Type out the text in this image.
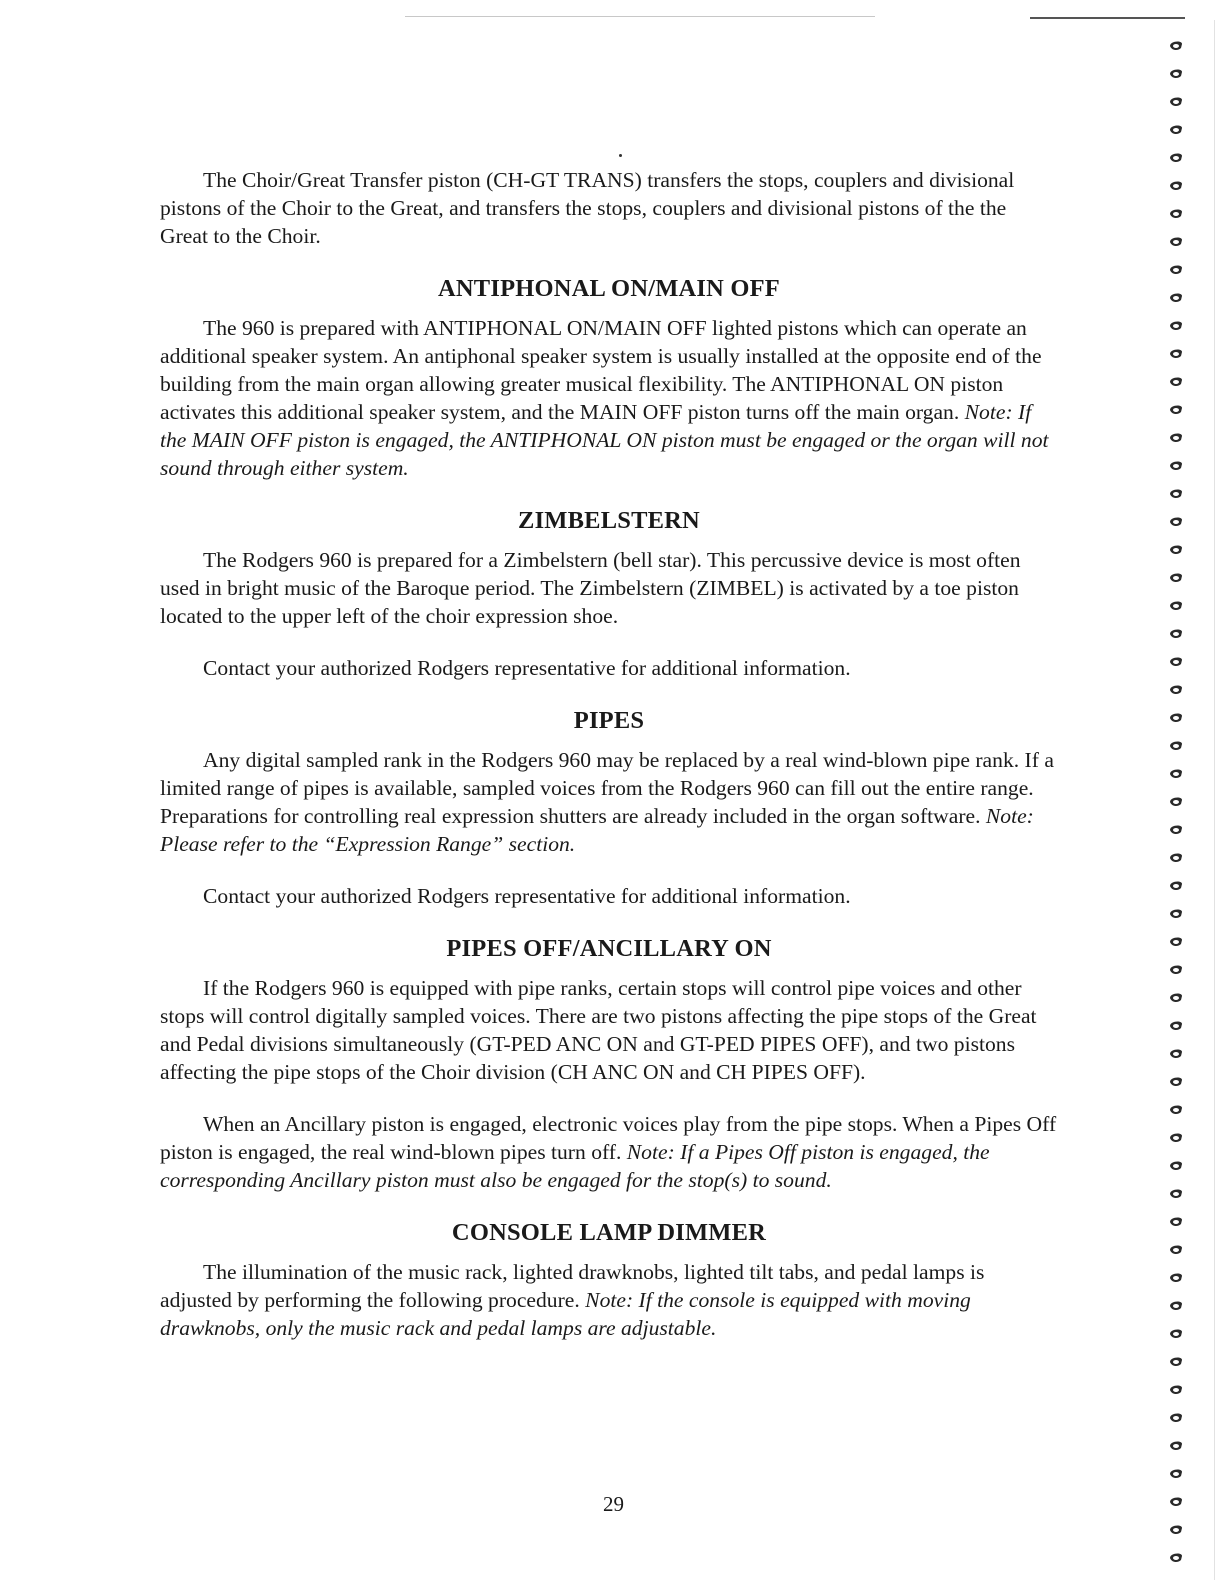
The Choir/Great Transfer piston (CH-GT TRANS) transfers the stops, couplers and divisional pistons of the Choir to the Great, and transfers the stops, couplers and divisional pistons of the the Great to the Choir.

ANTIPHONAL ON/MAIN OFF

The 960 is prepared with ANTIPHONAL ON/MAIN OFF lighted pistons which can operate an additional speaker system. An antiphonal speaker system is usually installed at the opposite end of the building from the main organ allowing greater musical flexibility. The ANTIPHONAL ON piston activates this additional speaker system, and the MAIN OFF piston turns off the main organ. Note: If the MAIN OFF piston is engaged, the ANTIPHONAL ON piston must be engaged or the organ will not sound through either system.

ZIMBELSTERN

The Rodgers 960 is prepared for a Zimbelstern (bell star). This percussive device is most often used in bright music of the Baroque period. The Zimbelstern (ZIMBEL) is activated by a toe piston located to the upper left of the choir expression shoe.

Contact your authorized Rodgers representative for additional information.

PIPES

Any digital sampled rank in the Rodgers 960 may be replaced by a real wind-blown pipe rank. If a limited range of pipes is available, sampled voices from the Rodgers 960 can fill out the entire range. Preparations for controlling real expression shutters are already included in the organ software. Note: Please refer to the “Expression Range” section.

Contact your authorized Rodgers representative for additional information.

PIPES OFF/ANCILLARY ON

If the Rodgers 960 is equipped with pipe ranks, certain stops will control pipe voices and other stops will control digitally sampled voices. There are two pistons affecting the pipe stops of the Great and Pedal divisions simultaneously (GT-PED ANC ON and GT-PED PIPES OFF), and two pistons affecting the pipe stops of the Choir division (CH ANC ON and CH PIPES OFF).

When an Ancillary piston is engaged, electronic voices play from the pipe stops. When a Pipes Off piston is engaged, the real wind-blown pipes turn off. Note: If a Pipes Off piston is engaged, the corresponding Ancillary piston must also be engaged for the stop(s) to sound.

CONSOLE LAMP DIMMER

The illumination of the music rack, lighted drawknobs, lighted tilt tabs, and pedal lamps is adjusted by performing the following procedure. Note: If the console is equipped with moving drawknobs, only the music rack and pedal lamps are adjustable.

29
